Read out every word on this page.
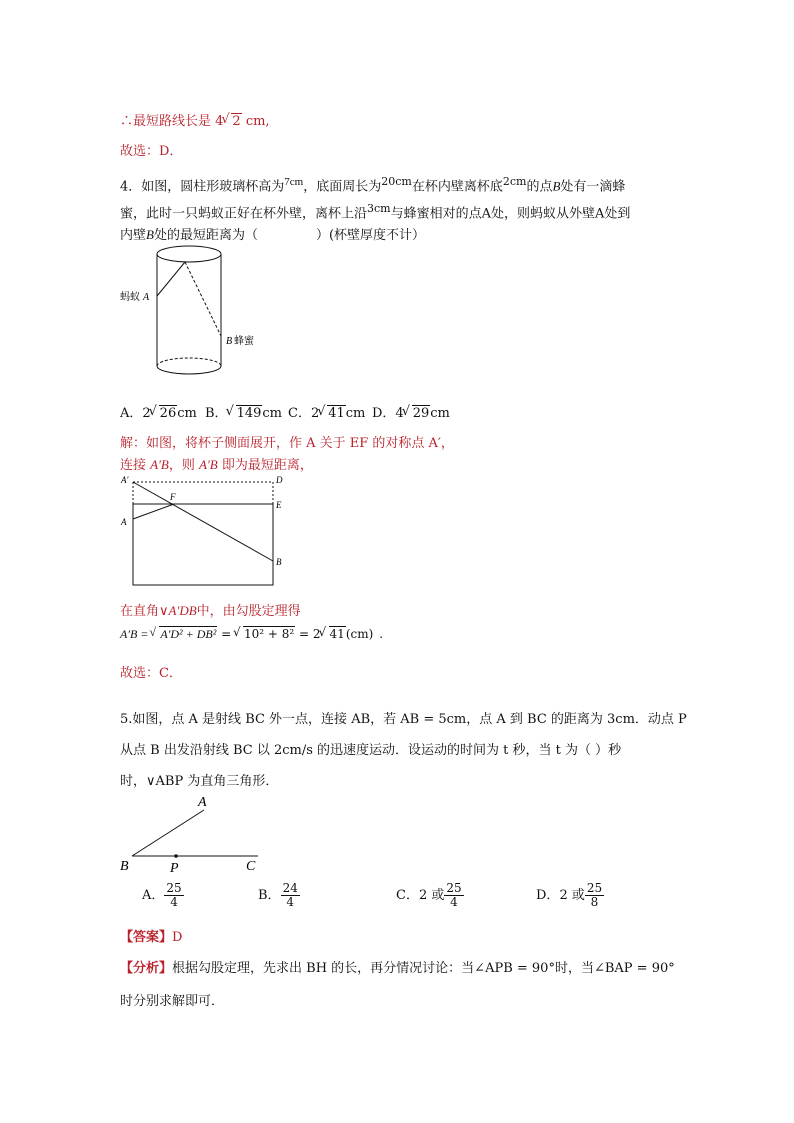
∴最短路线长是 4 √ 2 cm,
故选：D．
4．如图，圆柱形玻璃杯高为$^{7cm}$，底面周长为$^{20cm}$在杯内壁离杯底$^{2cm}$的点B处有一滴蜂
蜜，此时一只蚂蚁正好在杯外壁，离杯上沿$^{3cm}$与蜂蜜相对的点A处，则蚂蚁从外壁A处到
内壁B处的最短距离为（	）(杯壁厚度不计）
蚂蚁 A
B 蜂蜜
A．2 √ 26cm B． √ 149cm C．2 √ 41cm D．4 √ 29cm
解：如图，将杯子侧面展开，作 A 关于 EF 的对称点 A′，
连接 A′B，则 A′B 即为最短距离，
A′	D
F
E
A
B
在直角∨A′DB中，由勾股定理得
A′B = √ A′D² + DB² = √ 10² + 8² = 2 √ 41(cm) .
故选：C．
5.如图，点 A 是射线 BC 外一点，连接 AB，若 AB = 5cm，点 A 到 BC 的距离为 3cm．动点 P
从点 B 出发沿射线 BC 以 2cm/s 的迅速度运动．设运动的时间为 t 秒，当 t 为（ ）秒
时，∨ABP 为直角三角形．
A
B	P	C
A． $\frac{25}{4}$	B． $\frac{24}{4}$	C．2 或 $\frac{25}{4}$	D．2 或 $\frac{25}{8}$
【答案】D
【分析】根据勾股定理，先求出 BH 的长，再分情况讨论：当∠APB = 90°时，当∠BAP = 90°
时分别求解即可．
